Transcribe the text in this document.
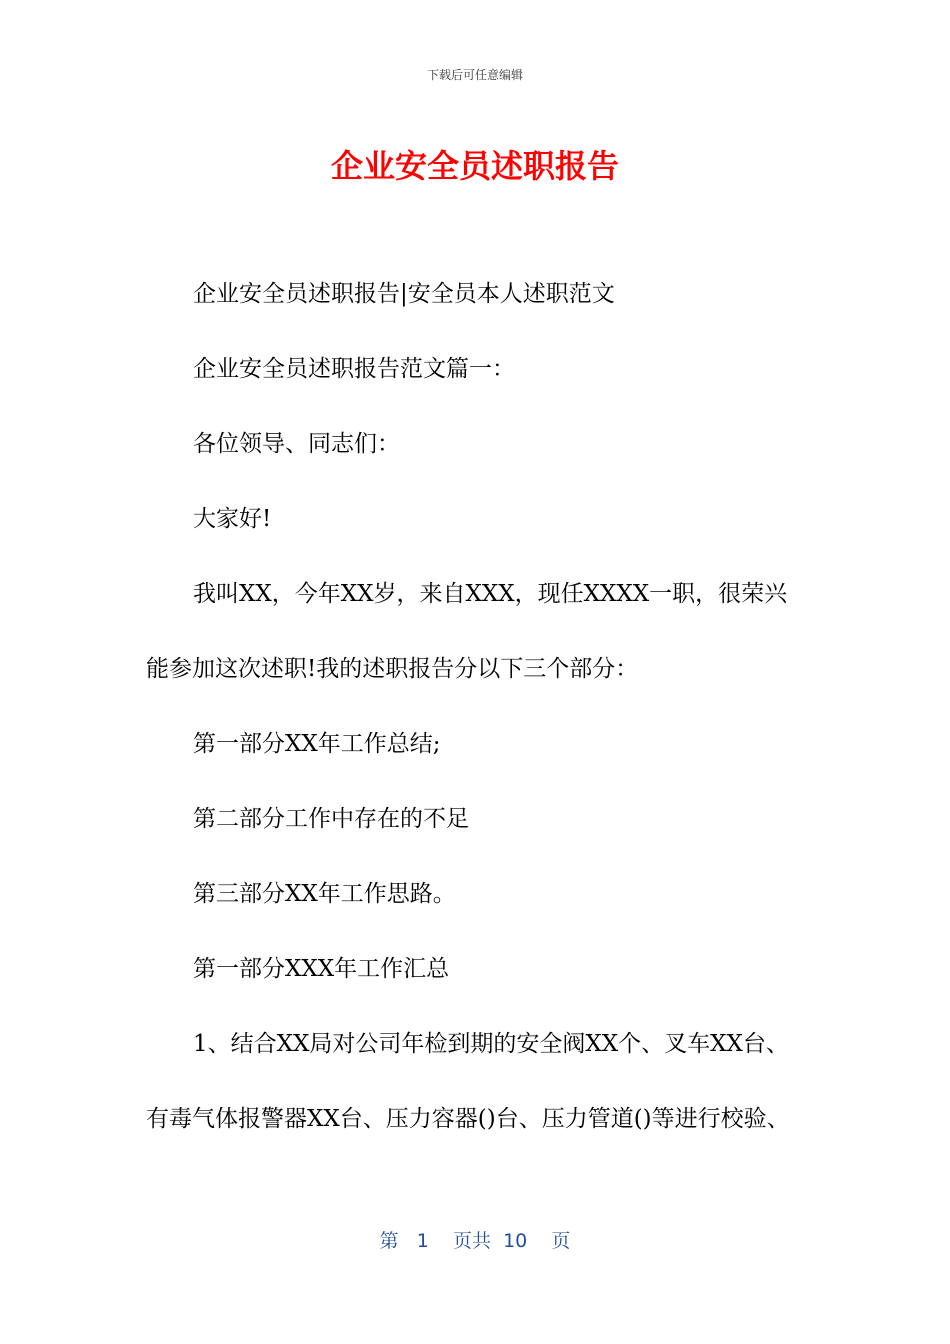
下载后可任意编辑
企业安全员述职报告

企业安全员述职报告|安全员本人述职范文

企业安全员述职报告范文篇一：

各位领导、同志们：

大家好!

我叫XX，今年XX岁，来自XXX，现任XXXX一职，很荣兴

能参加这次述职!我的述职报告分以下三个部分：

第一部分XX年工作总结;

第二部分工作中存在的不足

第三部分XX年工作思路。

第一部分XXX年工作汇总

1、结合XX局对公司年检到期的安全阀XX个、叉车XX台、

有毒气体报警器XX台、压力容器()台、压力管道()等进行校验、

第 1 页共 10 页
